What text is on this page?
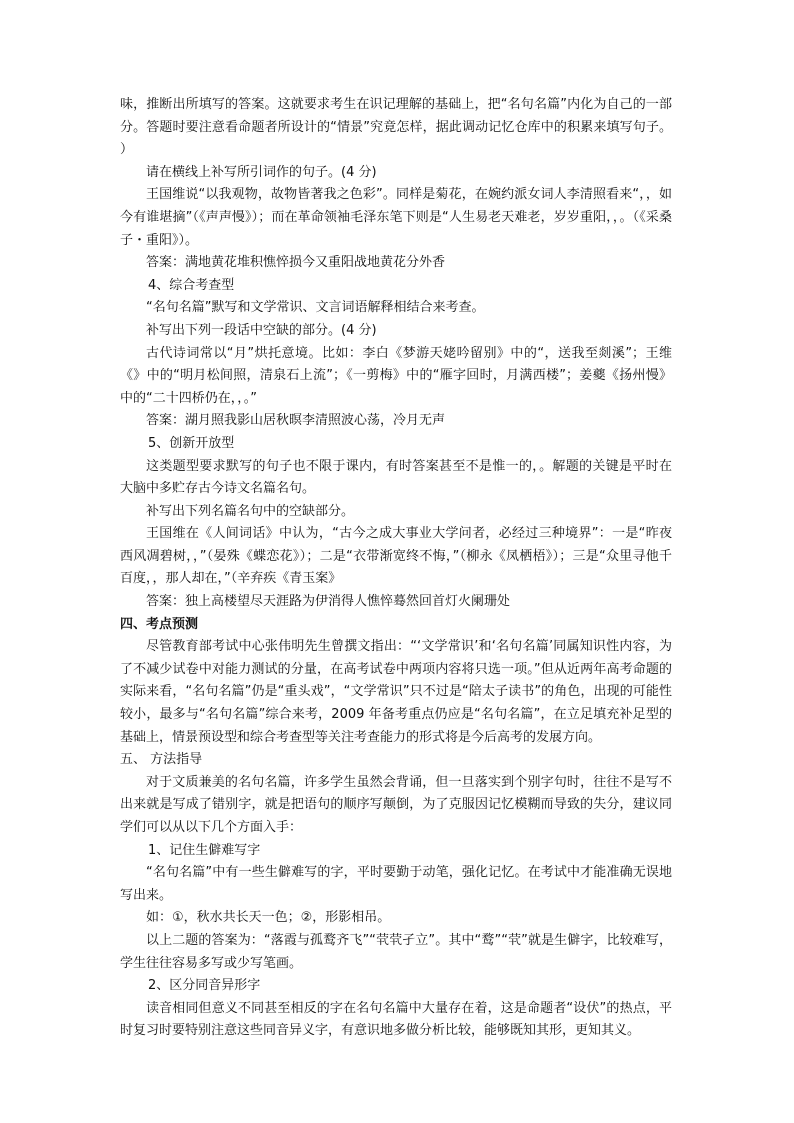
味，推断出所填写的答案。这就要求考生在识记理解的基础上，把“名句名篇”内化为自己的一部分。答题时要注意看命题者所设计的“情景”究竟怎样，据此调动记忆仓库中的积累来填写句子。 ）

请在横线上补写所引词作的句子。(4 分)

王国维说“以我观物，故物皆著我之色彩”。同样是菊花，在婉约派女词人李清照看来“，，如今有谁堪摘”（《声声慢》）；而在革命领袖毛泽东笔下则是“人生易老天难老，岁岁重阳，，。（《采桑子・重阳》）。

答案：满地黄花堆积憔悴损今又重阳战地黄花分外香

4、综合考查型

“名句名篇”默写和文学常识、文言词语解释相结合来考查。

补写出下列一段话中空缺的部分。(4 分)

古代诗词常以“月”烘托意境。比如：李白《梦游天姥吟留别》中的“，送我至剡溪”；王维《》中的“明月松间照，清泉石上流”；《一剪梅》中的“雁字回时，月满西楼”；姜夔《扬州慢》中的“二十四桥仍在，，。”

答案：湖月照我影山居秋暝李清照波心荡，冷月无声

5、创新开放型

这类题型要求默写的句子也不限于课内，有时答案甚至不是惟一的，。解题的关键是平时在大脑中多贮存古今诗文名篇名句。

补写出下列名篇名句中的空缺部分。

王国维在《人间词话》中认为，“古今之成大事业大学问者，必经过三种境界”：一是“昨夜西风凋碧树，，”（晏殊《蝶恋花》）；二是“衣带渐宽终不悔，”（柳永《凤栖梧》）；三是“众里寻他千百度，，那人却在，”（辛弃疾《青玉案》

答案：独上高楼望尽天涯路为伊消得人憔悴蓦然回首灯火阑珊处

四、考点预测

尽管教育部考试中心张伟明先生曾撰文指出：“‘文学常识’和‘名句名篇’同属知识性内容，为了不减少试卷中对能力测试的分量，在高考试卷中两项内容将只选一项。”但从近两年高考命题的实际来看，“名句名篇”仍是“重头戏”，“文学常识”只不过是“陪太子读书”的角色，出现的可能性较小，最多与“名句名篇”综合来考，2009 年备考重点仍应是“名句名篇”，在立足填充补足型的基础上，情景预设型和综合考查型等关注考查能力的形式将是今后高考的发展方向。

五、 方法指导

对于文质兼美的名句名篇，许多学生虽然会背诵，但一旦落实到个别字句时，往往不是写不出来就是写成了错别字，就是把语句的顺序写颠倒，为了克服因记忆模糊而导致的失分，建议同学们可以从以下几个方面入手：

1、记住生僻难写字

“名句名篇”中有一些生僻难写的字，平时要勤于动笔，强化记忆。在考试中才能准确无误地写出来。

如：①，秋水共长天一色；②，形影相吊。

以上二题的答案为：“落霞与孤鹜齐飞”“茕茕孑立”。其中“鹜”“茕”就是生僻字，比较难写，学生往往容易多写或少写笔画。

2、区分同音异形字

读音相同但意义不同甚至相反的字在名句名篇中大量存在着，这是命题者“设伏”的热点，平时复习时要特别注意这些同音异义字，有意识地多做分析比较，能够既知其形，更知其义。
